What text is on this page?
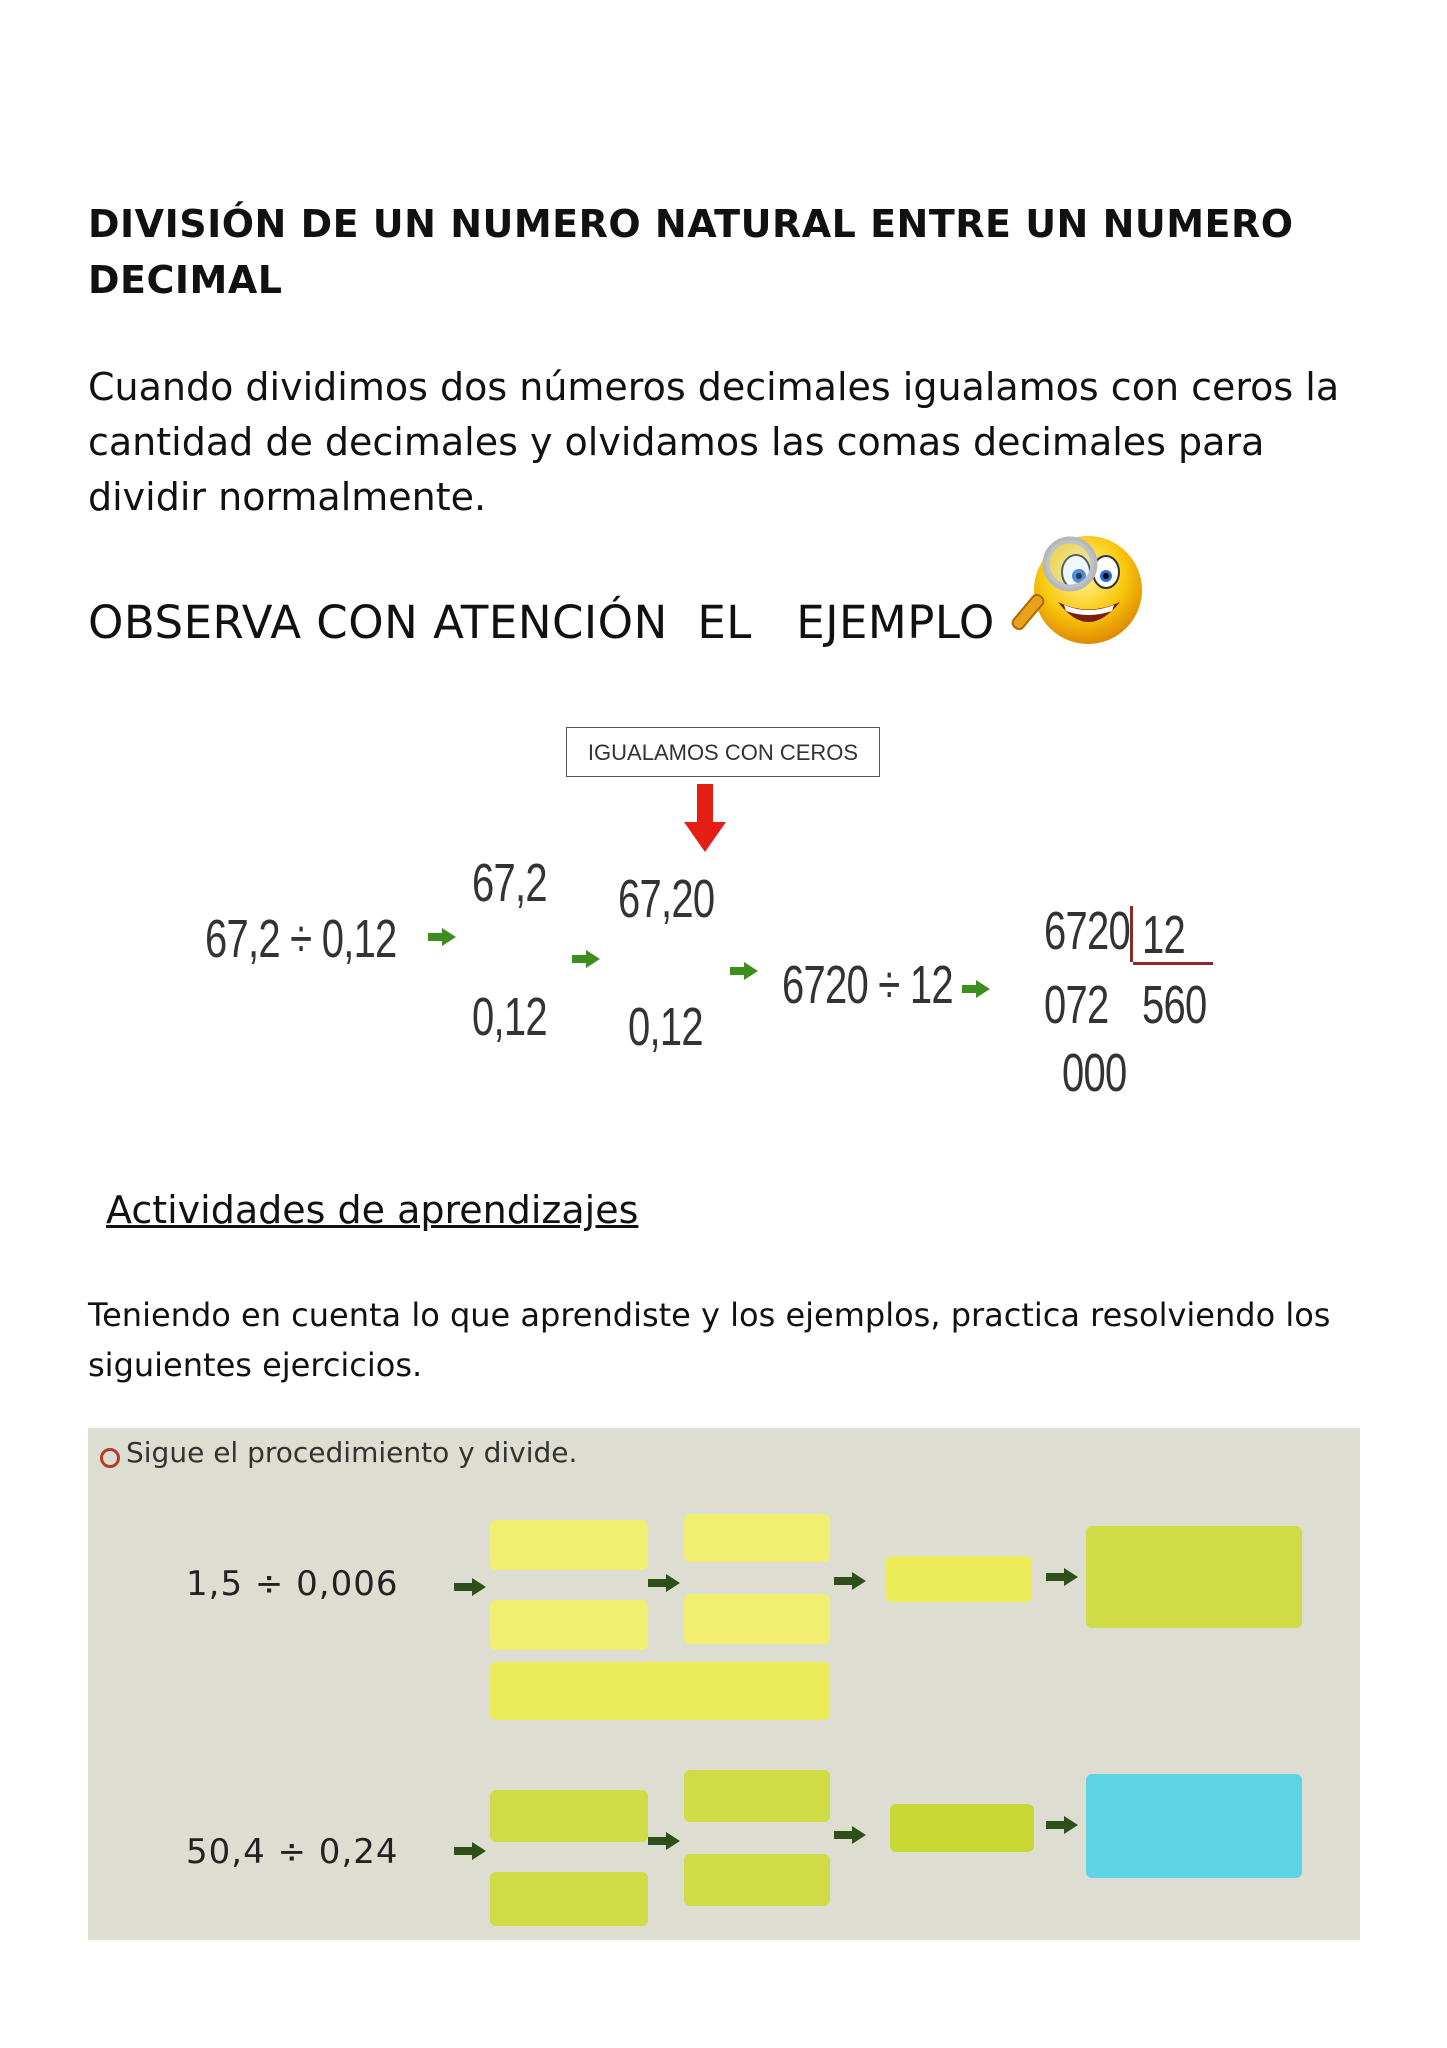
DIVISIÓN DE UN NUMERO NATURAL ENTRE UN NUMERO DECIMAL
Cuando dividimos dos números decimales igualamos con ceros la cantidad de decimales y olvidamos las comas decimales para dividir normalmente.
OBSERVA CON ATENCIÓN  EL   EJEMPLO
IGUALAMOS CON CEROS
67,2 ÷ 0,12
67,2
0,12
67,20
0,12
6720 ÷ 12
6720 12
072 560
000
Actividades de aprendizajes
Teniendo en cuenta lo que aprendiste y los ejemplos, practica resolviendo los siguientes ejercicios.
Sigue el procedimiento y divide.
1,5 ÷ 0,006
50,4 ÷ 0,24
